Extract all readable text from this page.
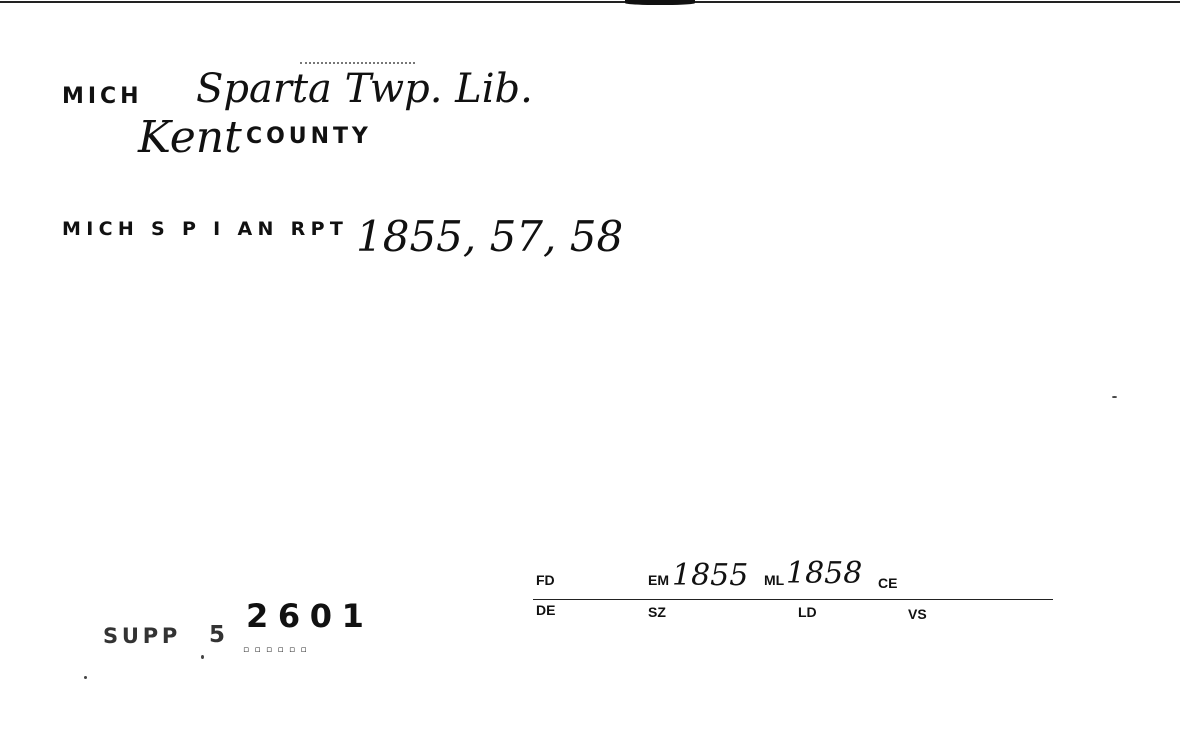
MICH Sparta Twp. Lib.
Kent COUNTY
MICH S P I AN RPT 1855, 57, 58
SUPP 5 2601
▫▫▫▫▫▫
FD	EM 1855 ML 1858 CE
DE	SZ	LD	VS
